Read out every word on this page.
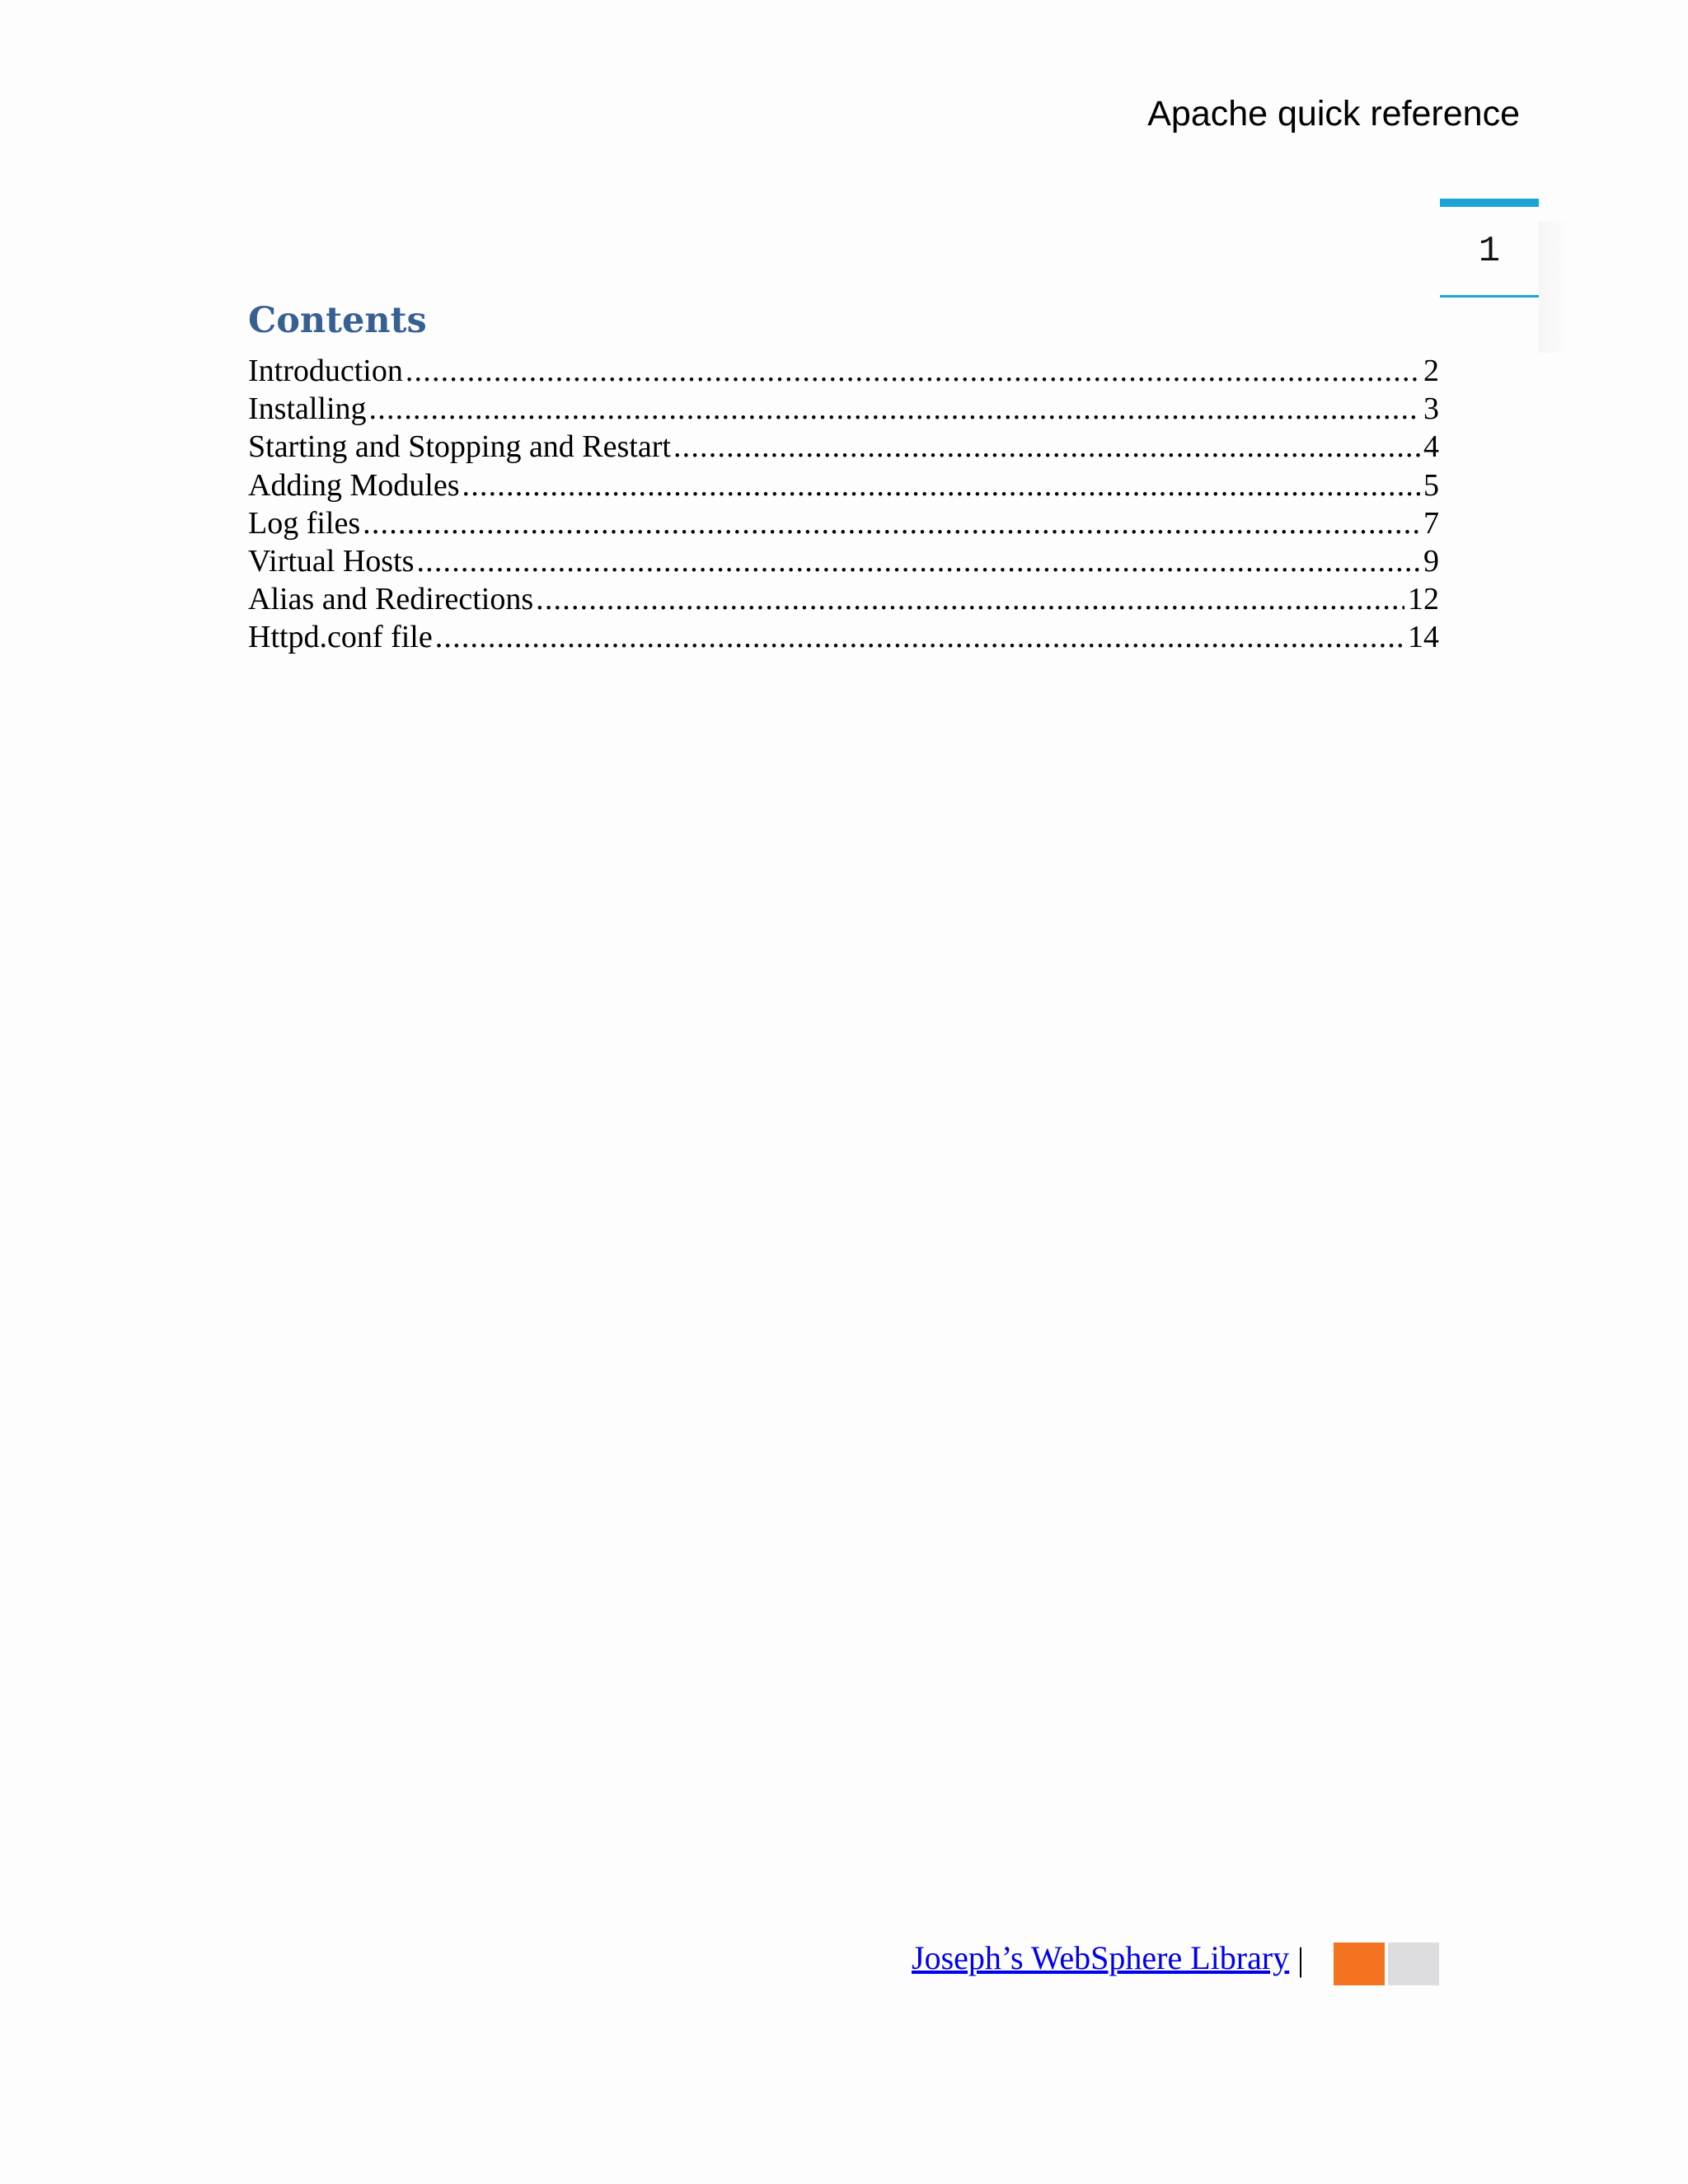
Apache quick reference
1
Contents
Introduction .....	2
Installing .....	3
Starting and Stopping and Restart .....	4
Adding Modules .....	5
Log files .....	7
Virtual Hosts .....	9
Alias and Redirections .....	12
Httpd.conf file .....	14
Joseph’s WebSphere Library |
